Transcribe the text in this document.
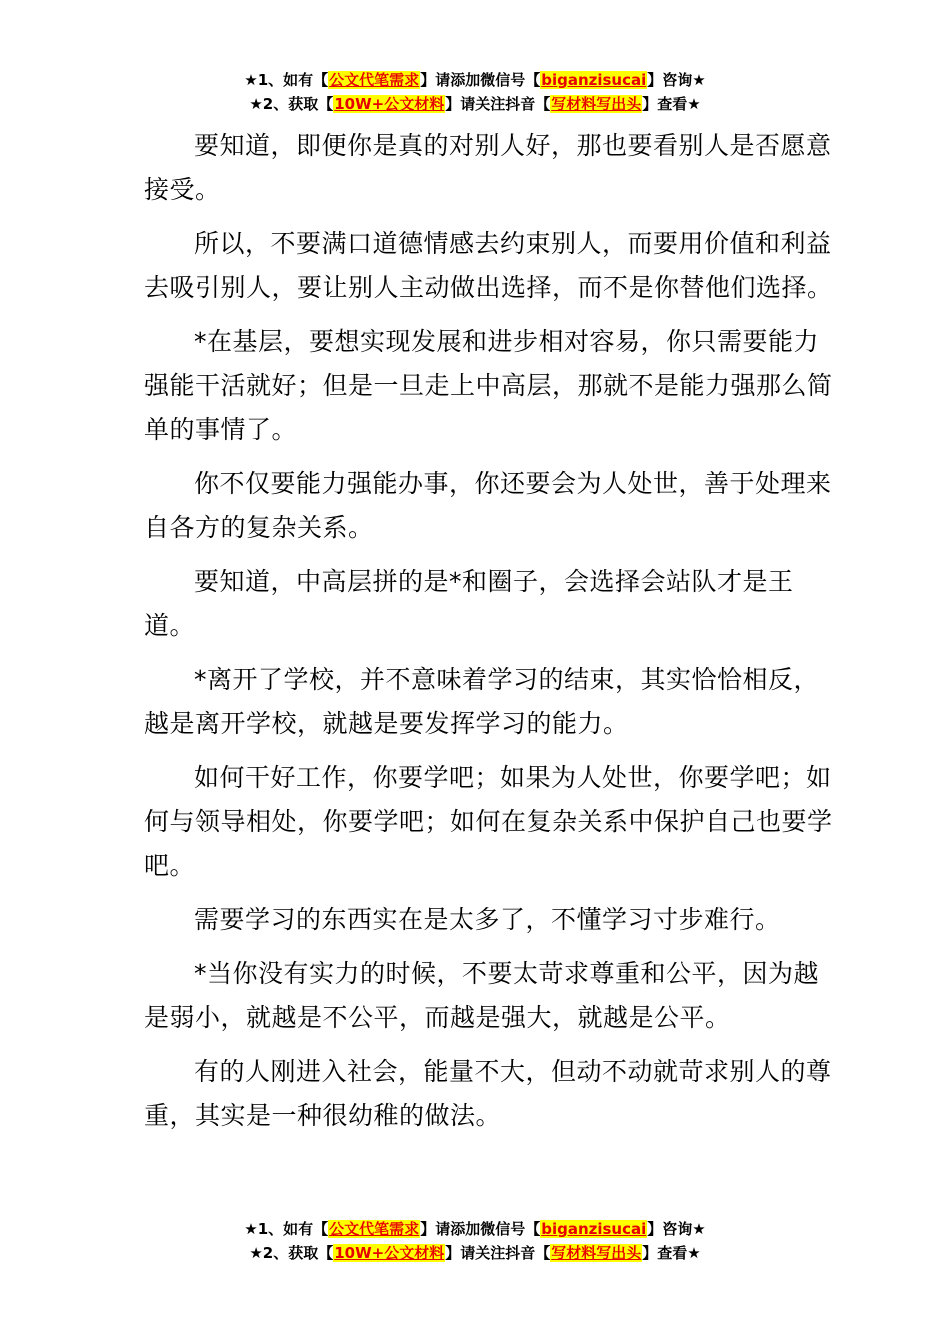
★1、如有【公文代笔需求】请添加微信号【biganzisucai】咨询★
★2、获取【10W+公文材料】请关注抖音【写材料写出头】查看★

要知道，即便你是真的对别人好，那也要看别人是否愿意接受。

所以，不要满口道德情感去约束别人，而要用价值和利益去吸引别人，要让别人主动做出选择，而不是你替他们选择。

*在基层，要想实现发展和进步相对容易，你只需要能力强能干活就好；但是一旦走上中高层，那就不是能力强那么简单的事情了。

你不仅要能力强能办事，你还要会为人处世，善于处理来自各方的复杂关系。

要知道，中高层拼的是*和圈子，会选择会站队才是王道。

*离开了学校，并不意味着学习的结束，其实恰恰相反，越是离开学校，就越是要发挥学习的能力。

如何干好工作，你要学吧；如果为人处世，你要学吧；如何与领导相处，你要学吧；如何在复杂关系中保护自己也要学吧。

需要学习的东西实在是太多了，不懂学习寸步难行。

*当你没有实力的时候，不要太苛求尊重和公平，因为越是弱小，就越是不公平，而越是强大，就越是公平。

有的人刚进入社会，能量不大，但动不动就苛求别人的尊重，其实是一种很幼稚的做法。

★1、如有【公文代笔需求】请添加微信号【biganzisucai】咨询★
★2、获取【10W+公文材料】请关注抖音【写材料写出头】查看★
